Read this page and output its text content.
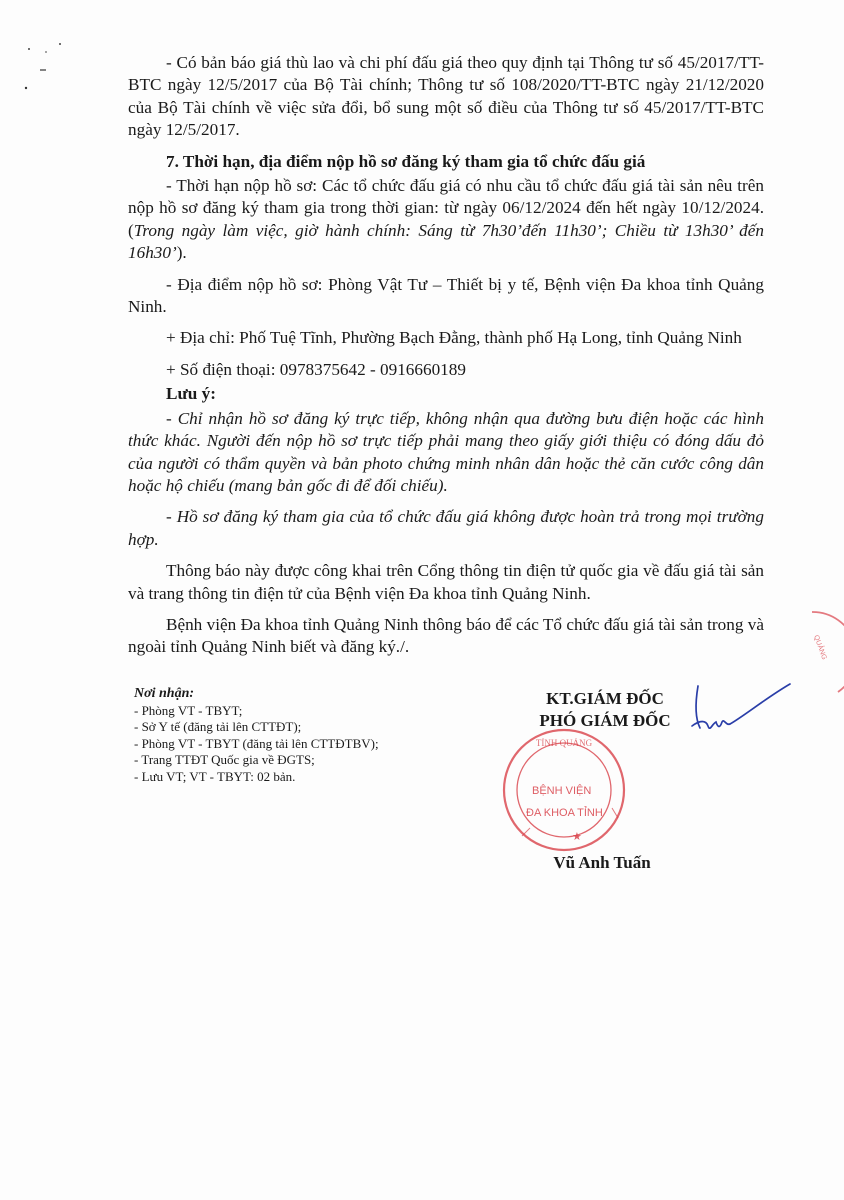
- Có bản báo giá thù lao và chi phí đấu giá theo quy định tại Thông tư số 45/2017/TT-BTC ngày 12/5/2017 của Bộ Tài chính; Thông tư số 108/2020/TT-BTC ngày 21/12/2020 của Bộ Tài chính về việc sửa đổi, bổ sung một số điều của Thông tư số 45/2017/TT-BTC ngày 12/5/2017.

7. Thời hạn, địa điểm nộp hồ sơ đăng ký tham gia tổ chức đấu giá

- Thời hạn nộp hồ sơ: Các tổ chức đấu giá có nhu cầu tổ chức đấu giá tài sản nêu trên nộp hồ sơ đăng ký tham gia trong thời gian: từ ngày 06/12/2024 đến hết ngày 10/12/2024. (Trong ngày làm việc, giờ hành chính: Sáng từ 7h30’đến 11h30’; Chiều từ 13h30’ đến 16h30’).

- Địa điểm nộp hồ sơ: Phòng Vật Tư – Thiết bị y tế, Bệnh viện Đa khoa tỉnh Quảng Ninh.

+ Địa chỉ: Phố Tuệ Tĩnh, Phường Bạch Đằng, thành phố Hạ Long, tỉnh Quảng Ninh

+ Số điện thoại: 0978375642 - 0916660189

Lưu ý:

- Chỉ nhận hồ sơ đăng ký trực tiếp, không nhận qua đường bưu điện hoặc các hình thức khác. Người đến nộp hồ sơ trực tiếp phải mang theo giấy giới thiệu có đóng dấu đỏ của người có thẩm quyền và bản photo chứng minh nhân dân hoặc thẻ căn cước công dân hoặc hộ chiếu (mang bản gốc đi để đối chiếu).

- Hồ sơ đăng ký tham gia của tổ chức đấu giá không được hoàn trả trong mọi trường hợp.

Thông báo này được công khai trên Cổng thông tin điện tử quốc gia về đấu giá tài sản và trang thông tin điện tử của Bệnh viện Đa khoa tỉnh Quảng Ninh.

Bệnh viện Đa khoa tỉnh Quảng Ninh thông báo để các Tổ chức đấu giá tài sản trong và ngoài tỉnh Quảng Ninh biết và đăng ký./.

Nơi nhận:
- Phòng VT - TBYT;
- Sở Y tế (đăng tải lên CTTĐT);
- Phòng VT - TBYT (đăng tải lên CTTĐTBV);
- Trang TTĐT Quốc gia về ĐGTS;
- Lưu VT; VT - TBYT: 02 bản.
TỈNH QUẢNG
BỆNH VIỆN
ĐA KHOA TỈNH
★
QUẢNG
KT.GIÁM ĐỐC
PHÓ GIÁM ĐỐC
Vũ Anh Tuấn
